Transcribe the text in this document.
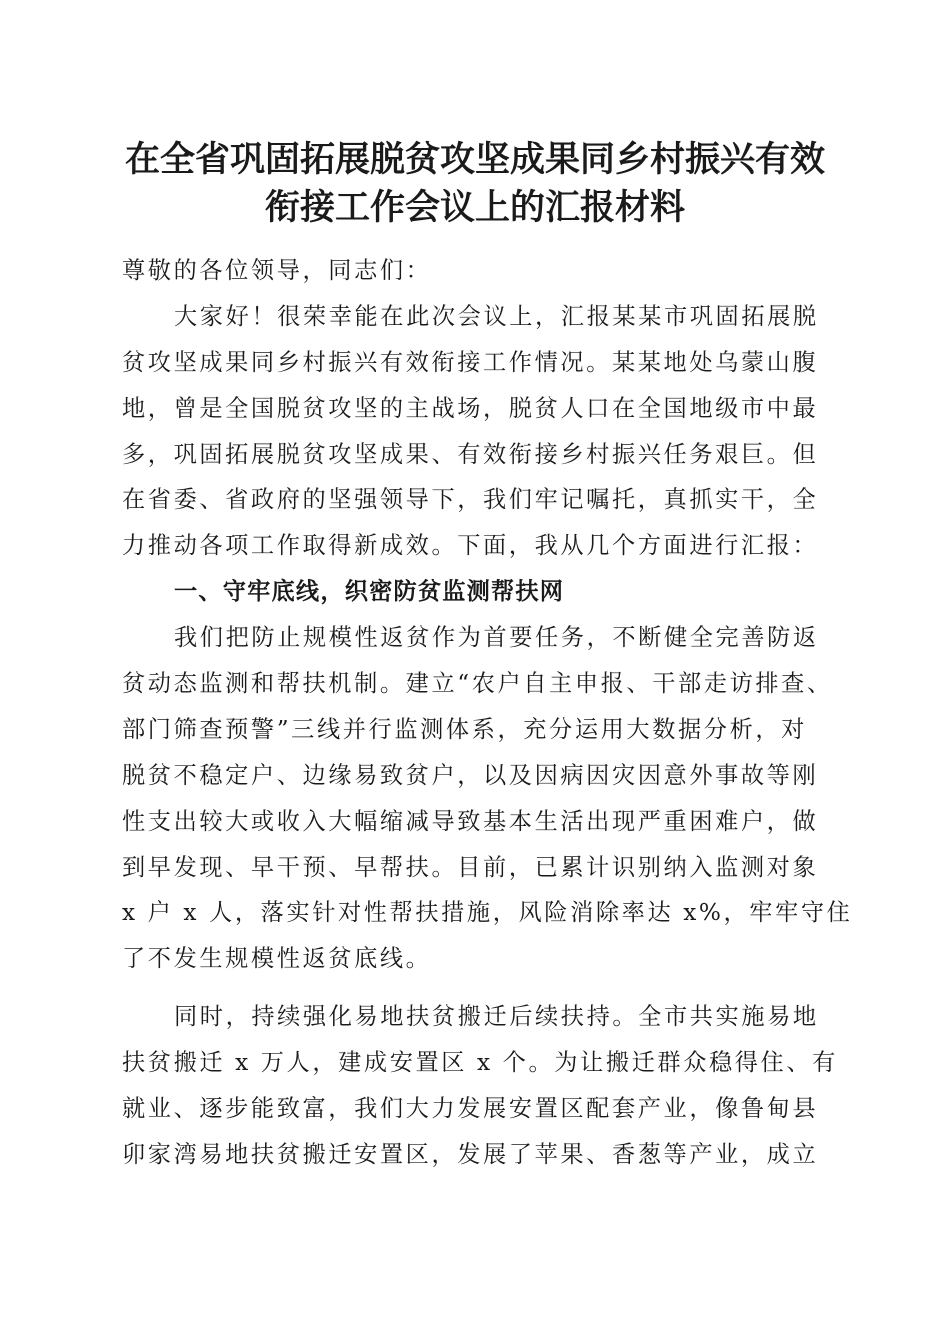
在全省巩固拓展脱贫攻坚成果同乡村振兴有效
衔接工作会议上的汇报材料
尊敬的各位领导，同志们：
大家好！很荣幸能在此次会议上，汇报某某市巩固拓展脱
贫攻坚成果同乡村振兴有效衔接工作情况。某某地处乌蒙山腹
地，曾是全国脱贫攻坚的主战场，脱贫人口在全国地级市中最
多，巩固拓展脱贫攻坚成果、有效衔接乡村振兴任务艰巨。但
在省委、省政府的坚强领导下，我们牢记嘱托，真抓实干，全
力推动各项工作取得新成效。下面，我从几个方面进行汇报：
一、守牢底线，织密防贫监测帮扶网
我们把防止规模性返贫作为首要任务，不断健全完善防返
贫动态监测和帮扶机制。建立“农户自主申报、干部走访排查、
部门筛查预警”三线并行监测体系，充分运用大数据分析，对
脱贫不稳定户、边缘易致贫户，以及因病因灾因意外事故等刚
性支出较大或收入大幅缩减导致基本生活出现严重困难户，做
到早发现、早干预、早帮扶。目前，已累计识别纳入监测对象
x 户 x 人，落实针对性帮扶措施，风险消除率达 x%，牢牢守住
了不发生规模性返贫底线。
同时，持续强化易地扶贫搬迁后续扶持。全市共实施易地
扶贫搬迁 x 万人，建成安置区 x 个。为让搬迁群众稳得住、有
就业、逐步能致富，我们大力发展安置区配套产业，像鲁甸县
卯家湾易地扶贫搬迁安置区，发展了苹果、香葱等产业，成立
